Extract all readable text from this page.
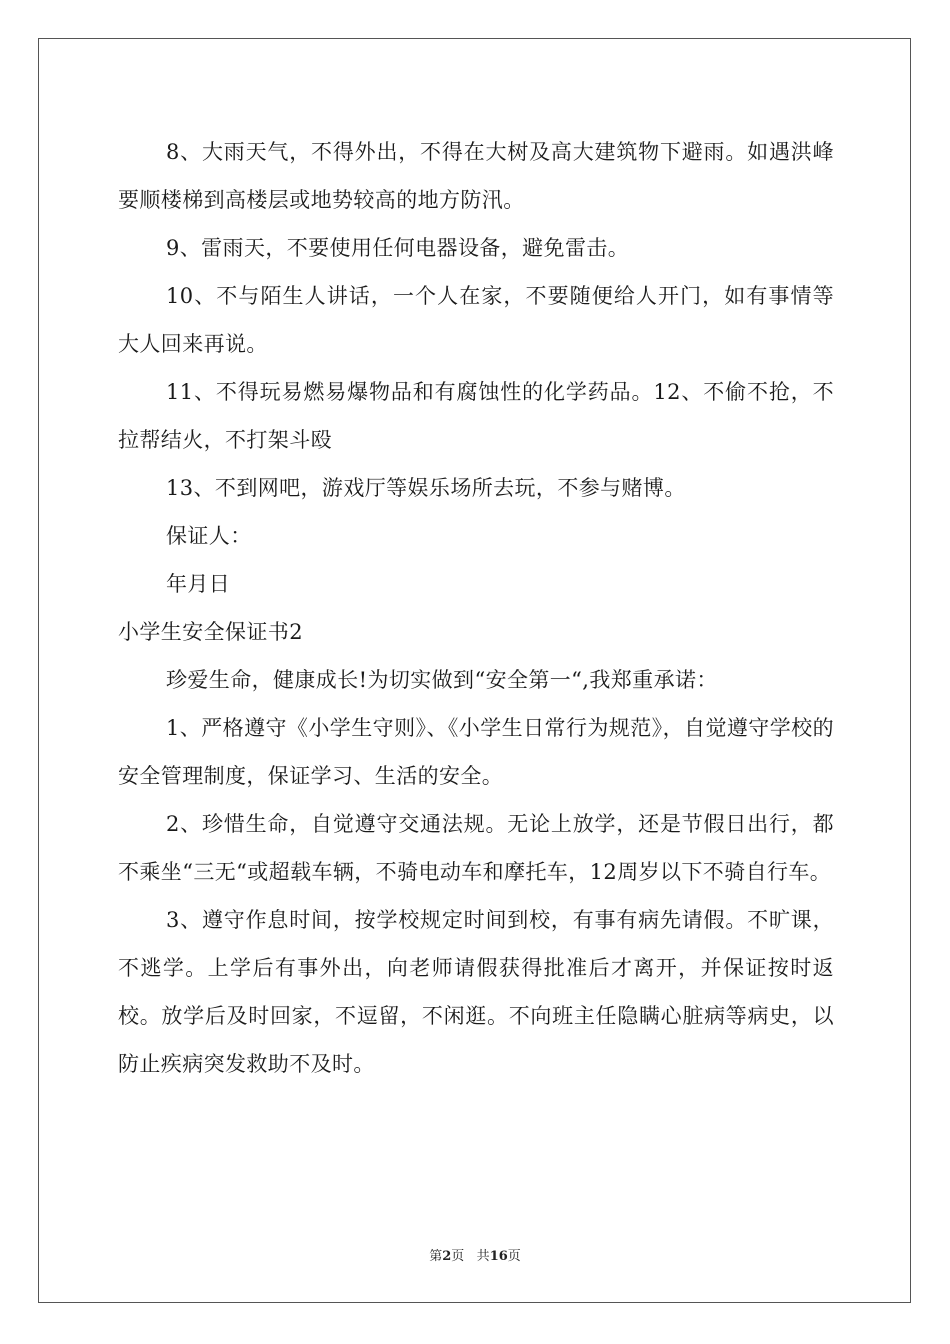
8、大雨天气，不得外出，不得在大树及高大建筑物下避雨。如遇洪峰要顺楼梯到高楼层或地势较高的地方防汛。

9、雷雨天，不要使用任何电器设备，避免雷击。

10、不与陌生人讲话，一个人在家，不要随便给人开门，如有事情等大人回来再说。

11、不得玩易燃易爆物品和有腐蚀性的化学药品。12、不偷不抢，不拉帮结火，不打架斗殴

13、不到网吧，游戏厅等娱乐场所去玩，不参与赌博。

保证人：

年月日

小学生安全保证书2

珍爱生命，健康成长!为切实做到“安全第一“,我郑重承诺：

1、严格遵守《小学生守则》、《小学生日常行为规范》，自觉遵守学校的安全管理制度，保证学习、生活的安全。

2、珍惜生命，自觉遵守交通法规。无论上放学，还是节假日出行，都不乘坐“三无“或超载车辆，不骑电动车和摩托车，12周岁以下不骑自行车。

3、遵守作息时间，按学校规定时间到校，有事有病先请假。不旷课，不逃学。上学后有事外出，向老师请假获得批准后才离开，并保证按时返校。放学后及时回家，不逗留，不闲逛。不向班主任隐瞒心脏病等病史，以防止疾病突发救助不及时。

第2页 共16页
